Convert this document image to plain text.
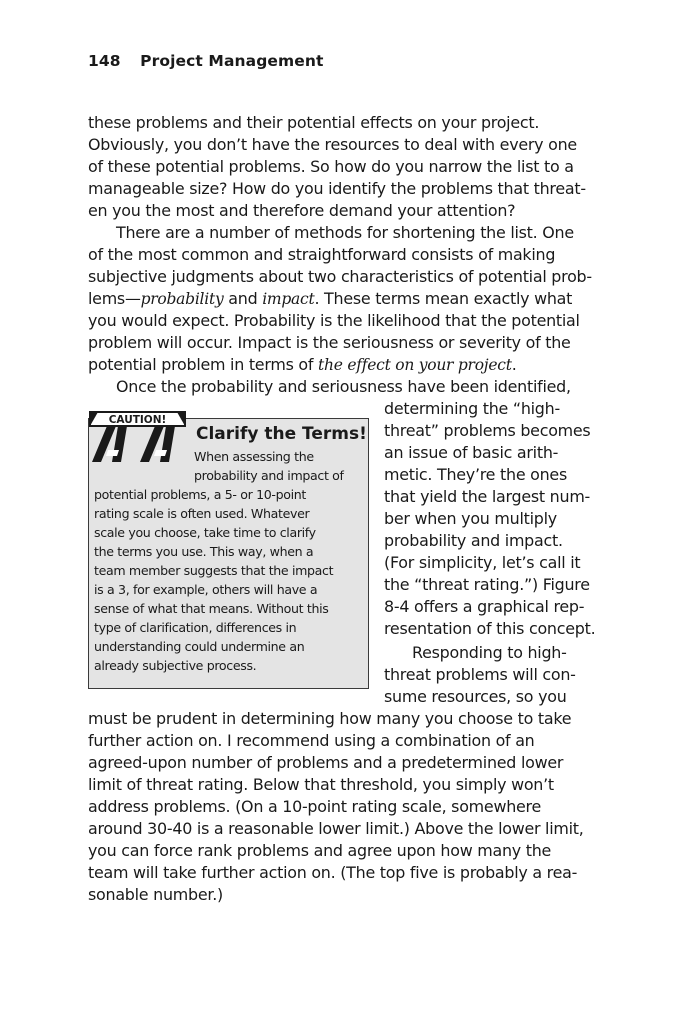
148 Project Management
these problems and their potential effects on your project.
Obviously, you don’t have the resources to deal with every one
of these potential problems. So how do you narrow the list to a
manageable size? How do you identify the problems that threat-
en you the most and therefore demand your attention?
There are a number of methods for shortening the list. One
of the most common and straightforward consists of making
subjective judgments about two characteristics of potential prob-
lems—probability and impact. These terms mean exactly what
you would expect. Probability is the likelihood that the potential
problem will occur. Impact is the seriousness or severity of the
potential problem in terms of the effect on your project.
Once the probability and seriousness have been identified,
determining the “high-
threat” problems becomes
an issue of basic arith-
metic. They’re the ones
that yield the largest num-
ber when you multiply
probability and impact.
(For simplicity, let’s call it
the “threat rating.”) Figure
8-4 offers a graphical rep-
resentation of this concept.
Responding to high-
threat problems will con-
sume resources, so you
must be prudent in determining how many you choose to take
further action on. I recommend using a combination of an
agreed-upon number of problems and a predetermined lower
limit of threat rating. Below that threshold, you simply won’t
address problems. (On a 10-point rating scale, somewhere
around 30-40 is a reasonable lower limit.) Above the lower limit,
you can force rank problems and agree upon how many the
team will take further action on. (The top five is probably a rea-
sonable number.)
CAUTION!
Clarify the Terms!
When assessing the
probability and impact of
potential problems, a 5- or 10-point
rating scale is often used. Whatever
scale you choose, take time to clarify
the terms you use. This way, when a
team member suggests that the impact
is a 3, for example, others will have a
sense of what that means. Without this
type of clarification, differences in
understanding could undermine an
already subjective process.
